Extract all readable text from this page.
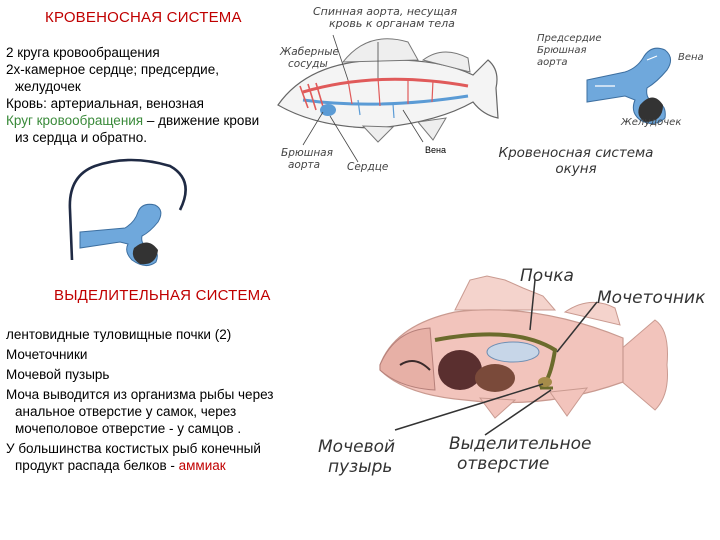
КРОВЕНОСНАЯ СИСТЕМА
2 круга кровообращения
2х-камерное сердце; предсердие,
желудочек
Кровь: артериальная, венозная
Круг кровообращения – движение крови
из сердца и обратно.
Спинная аорта, несущая
кровь к органам тела
Жаберные
сосуды
Брюшная
аорта	Сердце
Вена	Кровеносная система
окуня
Предсердие
Брюшная
аорта	Вена
Желудочек
ВЫДЕЛИТЕЛЬНАЯ СИСТЕМА
лентовидные туловищные почки (2)
Мочеточники
Мочевой пузырь
Моча выводится из организма рыбы через
анальное отверстие у самок, через
мочеполовое отверстие - у самцов .
У большинства костистых рыб конечный
продукт распада белков - аммиак
Почка
Мочеточник
Мочевой
пузырь
Выделительное
отверстие
